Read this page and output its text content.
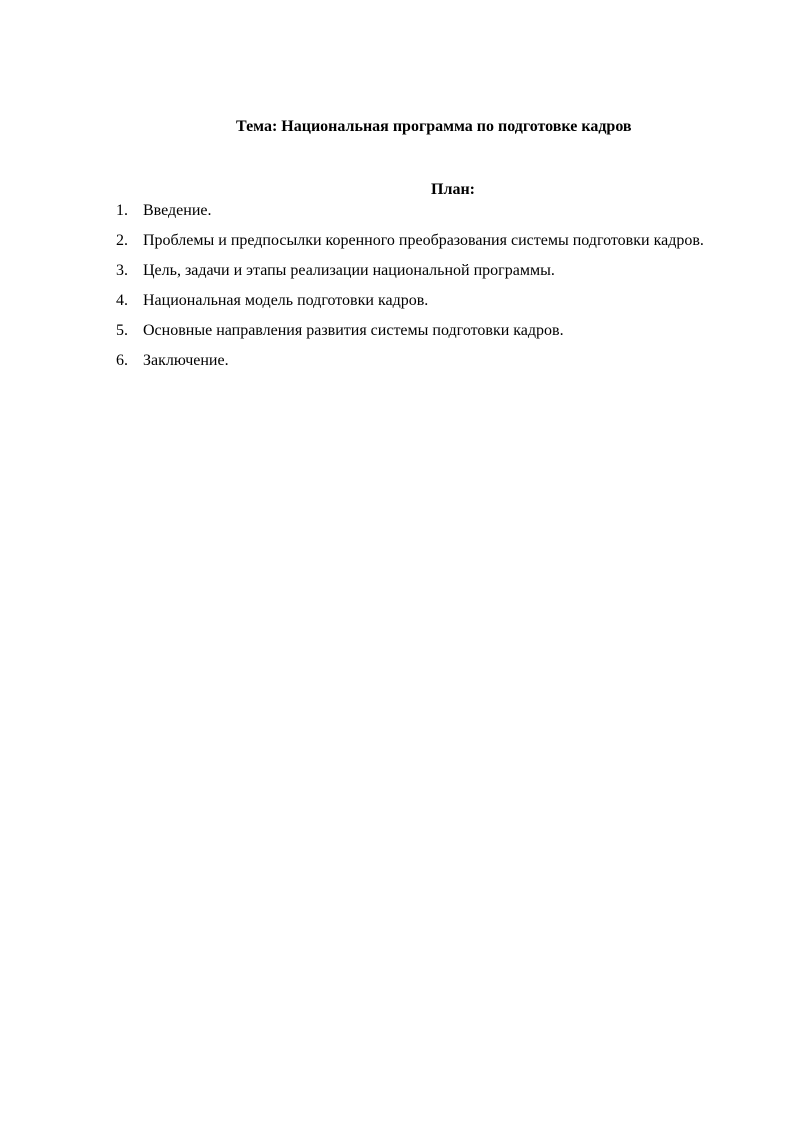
Тема: Национальная программа по подготовке кадров
План:
1. Введение.
2. Проблемы и предпосылки коренного преобразования системы подготовки кадров.
3. Цель, задачи и этапы реализации национальной программы.
4. Национальная модель подготовки кадров.
5. Основные направления развития системы подготовки кадров.
6. Заключение.
